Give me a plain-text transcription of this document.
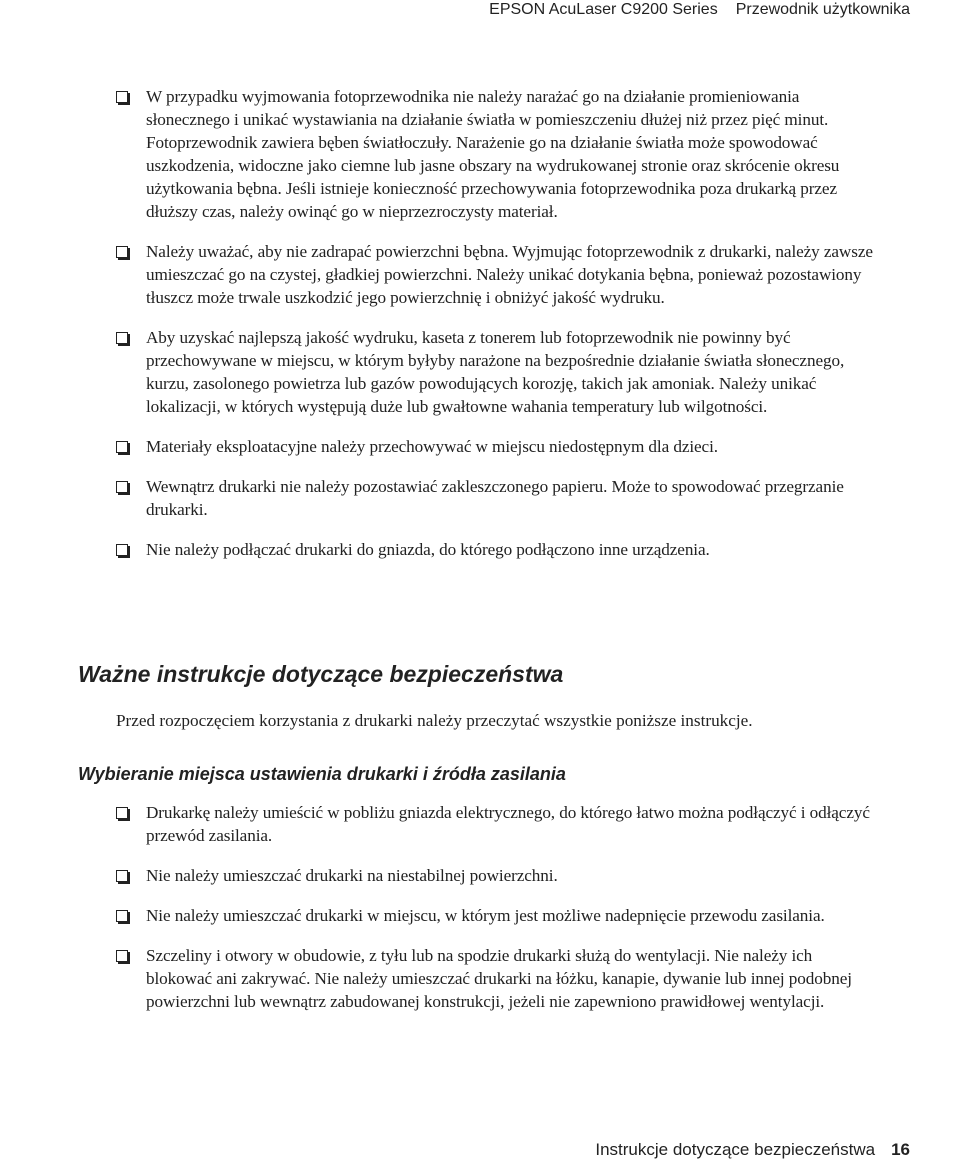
EPSON AcuLaser C9200 Series Przewodnik użytkownika
W przypadku wyjmowania fotoprzewodnika nie należy narażać go na działanie promieniowania słonecznego i unikać wystawiania na działanie światła w pomieszczeniu dłużej niż przez pięć minut. Fotoprzewodnik zawiera bęben światłoczuły. Narażenie go na działanie światła może spowodować uszkodzenia, widoczne jako ciemne lub jasne obszary na wydrukowanej stronie oraz skrócenie okresu użytkowania bębna. Jeśli istnieje konieczność przechowywania fotoprzewodnika poza drukarką przez dłuższy czas, należy owinąć go w nieprzezroczysty materiał.
Należy uważać, aby nie zadrapać powierzchni bębna. Wyjmując fotoprzewodnik z drukarki, należy zawsze umieszczać go na czystej, gładkiej powierzchni. Należy unikać dotykania bębna, ponieważ pozostawiony tłuszcz może trwale uszkodzić jego powierzchnię i obniżyć jakość wydruku.
Aby uzyskać najlepszą jakość wydruku, kaseta z tonerem lub fotoprzewodnik nie powinny być przechowywane w miejscu, w którym byłyby narażone na bezpośrednie działanie światła słonecznego, kurzu, zasolonego powietrza lub gazów powodujących korozję, takich jak amoniak. Należy unikać lokalizacji, w których występują duże lub gwałtowne wahania temperatury lub wilgotności.
Materiały eksploatacyjne należy przechowywać w miejscu niedostępnym dla dzieci.
Wewnątrz drukarki nie należy pozostawiać zakleszczonego papieru. Może to spowodować przegrzanie drukarki.
Nie należy podłączać drukarki do gniazda, do którego podłączono inne urządzenia.
Ważne instrukcje dotyczące bezpieczeństwa

Przed rozpoczęciem korzystania z drukarki należy przeczytać wszystkie poniższe instrukcje.

Wybieranie miejsca ustawienia drukarki i źródła zasilania
Drukarkę należy umieścić w pobliżu gniazda elektrycznego, do którego łatwo można podłączyć i odłączyć przewód zasilania.
Nie należy umieszczać drukarki na niestabilnej powierzchni.
Nie należy umieszczać drukarki w miejscu, w którym jest możliwe nadepnięcie przewodu zasilania.
Szczeliny i otwory w obudowie, z tyłu lub na spodzie drukarki służą do wentylacji. Nie należy ich blokować ani zakrywać. Nie należy umieszczać drukarki na łóżku, kanapie, dywanie lub innej podobnej powierzchni lub wewnątrz zabudowanej konstrukcji, jeżeli nie zapewniono prawidłowej wentylacji.
Instrukcje dotyczące bezpieczeństwa 16
